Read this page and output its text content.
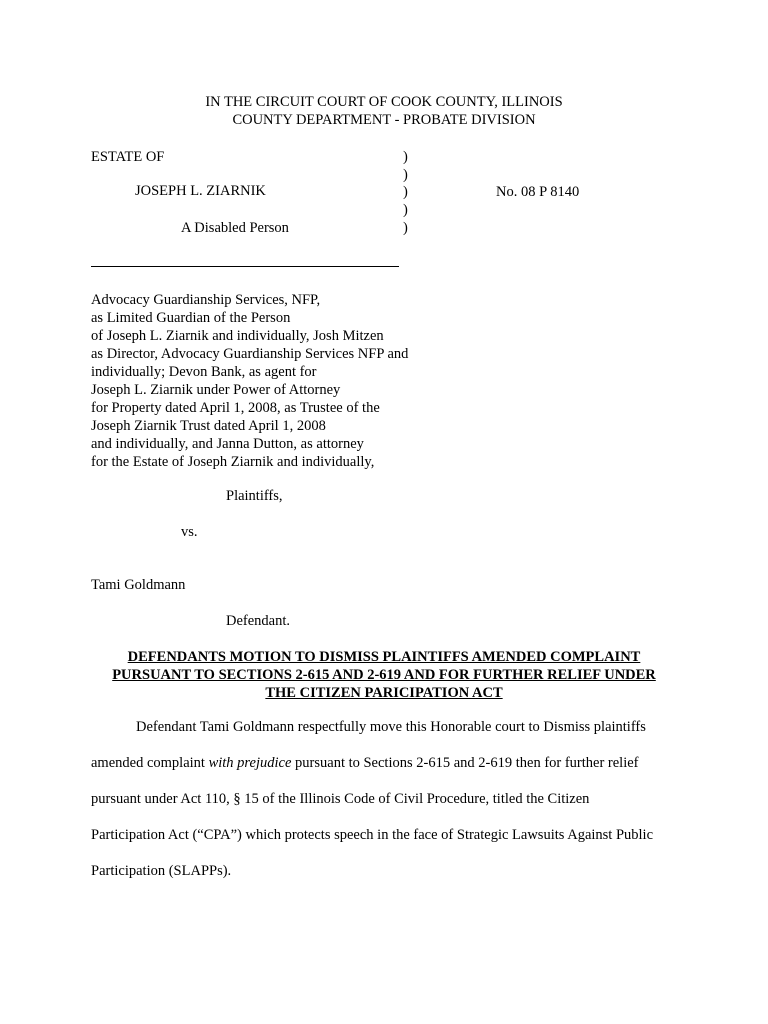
IN THE CIRCUIT COURT OF COOK COUNTY, ILLINOIS
COUNTY DEPARTMENT - PROBATE DIVISION
ESTATE OF
JOSEPH L. ZIARNIK
A Disabled Person
)
)
)
)
)
No. 08 P 8140
Advocacy Guardianship Services, NFP,
as Limited Guardian of the Person
of Joseph L. Ziarnik and individually, Josh Mitzen
as Director, Advocacy Guardianship Services NFP and
individually; Devon Bank, as agent for
Joseph L. Ziarnik under Power of Attorney
for Property dated April 1, 2008, as Trustee of the
Joseph Ziarnik Trust dated April 1, 2008
and individually, and Janna Dutton, as attorney
for the Estate of Joseph Ziarnik and individually,
Plaintiffs,
vs.
Tami Goldmann
Defendant.
DEFENDANTS MOTION TO DISMISS PLAINTIFFS AMENDED COMPLAINT
PURSUANT TO SECTIONS 2-615 AND 2-619 AND FOR FURTHER RELIEF UNDER
THE CITIZEN PARICIPATION ACT
Defendant Tami Goldmann respectfully move this Honorable court to Dismiss plaintiffs
amended complaint with prejudice pursuant to Sections 2-615 and 2-619 then for further relief
pursuant under Act 110, § 15 of the Illinois Code of Civil Procedure, titled the Citizen
Participation Act (“CPA”) which protects speech in the face of Strategic Lawsuits Against Public
Participation (SLAPPs).
